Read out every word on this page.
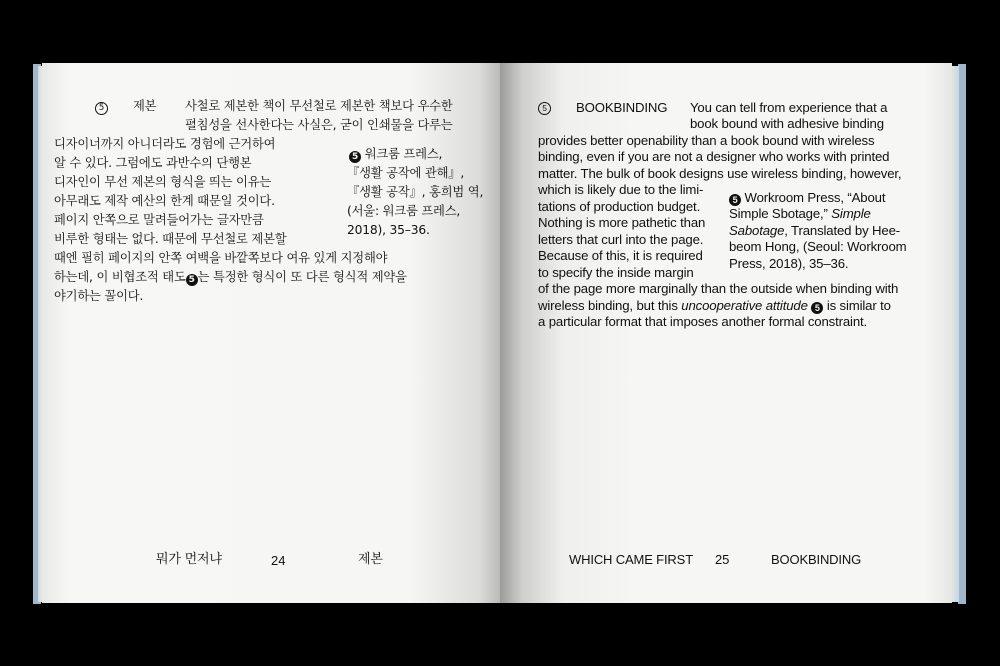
5	제본 사철로 제본한 책이 무선철로 제본한 책보다 우수한
펼침성을 선사한다는 사실은, 굳이 인쇄물을 다루는
디자이너까지 아니더라도 경험에 근거하여
알 수 있다. 그럼에도 과반수의 단행본
디자인이 무선 제본의 형식을 띄는 이유는
아무래도 제작 예산의 한계 때문일 것이다.
페이지 안쪽으로 말려들어가는 글자만큼
비루한 형태는 없다. 때문에 무선철로 제본할
때엔 필히 페이지의 안쪽 여백을 바깥쪽보다 여유 있게 지정해야
하는데, 이 비협조적 태도 5 는 특정한 형식이 또 다른 형식적 제약을
야기하는 꼴이다.
5 워크룸 프레스,
『생활 공작에 관해』,
『생활 공작』, 홍희범 역,
(서울: 워크룸 프레스,
2018), 35–36.
뭐가 먼저냐	24	제본
5	BOOKBINDING You can tell from experience that a
book bound with adhesive binding
provides better openability than a book bound with wireless
binding, even if you are not a designer who works with printed
matter. The bulk of book designs use wireless binding, however,
which is likely due to the limi-
tations of production budget.
Nothing is more pathetic than
letters that curl into the page.
Because of this, it is required
to specify the inside margin
of the page more marginally than the outside when binding with
wireless binding, but this uncooperative attitude 5 is similar to
a particular format that imposes another formal constraint.
5 Workroom Press, “About
Simple Sbotage,” Simple
Sabotage, Translated by Hee-
beom Hong, (Seoul: Workroom
Press, 2018), 35–36.
WHICH CAME FIRST 25	BOOKBINDING
